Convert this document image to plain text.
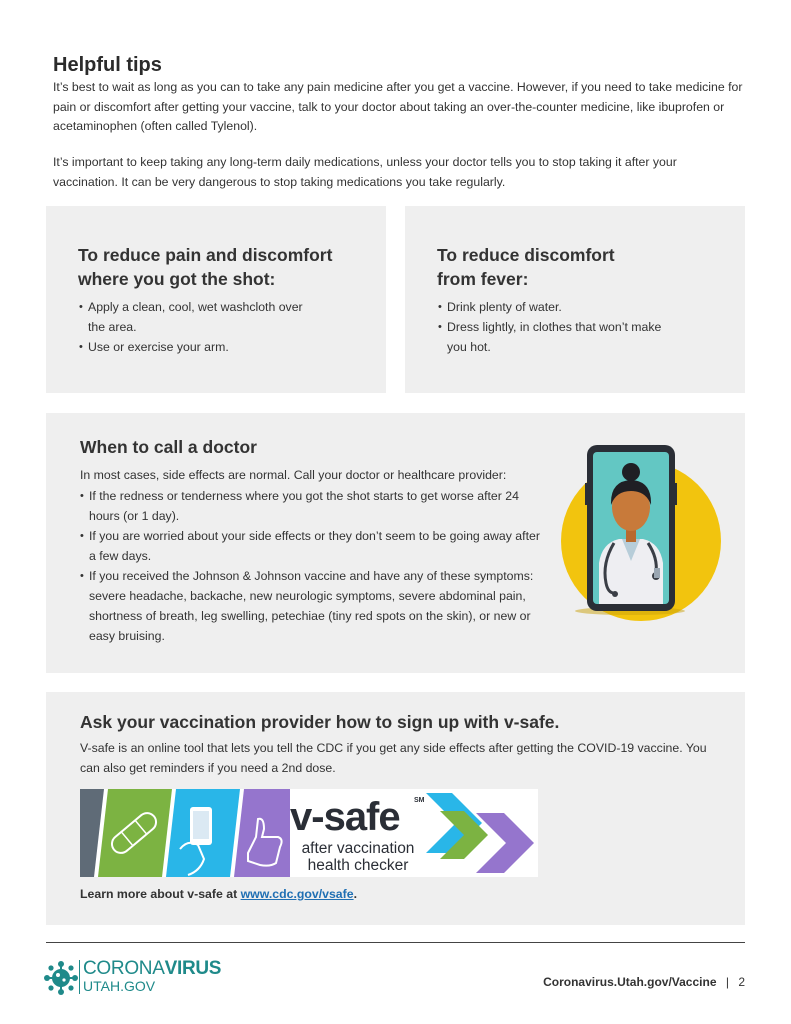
Helpful tips

It’s best to wait as long as you can to take any pain medicine after you get a vaccine. However, if you need to take medicine for pain or discomfort after getting your vaccine, talk to your doctor about taking an over-the-counter medicine, like ibuprofen or acetaminophen (often called Tylenol).

It’s important to keep taking any long-term daily medications, unless your doctor tells you to stop taking it after your vaccination. It can be very dangerous to stop taking medications you take regularly.

To reduce pain and discomfort where you got the shot:
• Apply a clean, cool, wet washcloth over the area.
• Use or exercise your arm.
To reduce discomfort from fever:
• Drink plenty of water.
• Dress lightly, in clothes that won’t make you hot.
When to call a doctor

In most cases, side effects are normal. Call your doctor or healthcare provider:

• If the redness or tenderness where you got the shot starts to get worse after 24 hours (or 1 day).
• If you are worried about your side effects or they don’t seem to be going away after a few days.
• If you received the Johnson & Johnson vaccine and have any of these symptoms: severe headache, backache, new neurologic symptoms, severe abdominal pain, shortness of breath, leg swelling, petechiae (tiny red spots on the skin), or new or easy bruising.
Ask your vaccination provider how to sign up with v-safe.

V-safe is an online tool that lets you tell the CDC if you get any side effects after getting the COVID-19 vaccine. You can also get reminders if you need a 2nd dose.

v-safe SM
after vaccination
health checker

Learn more about v-safe at www.cdc.gov/vsafe.

CORONAVIRUS
UTAH.GOV	Coronavirus.Utah.gov/Vaccine | 2
